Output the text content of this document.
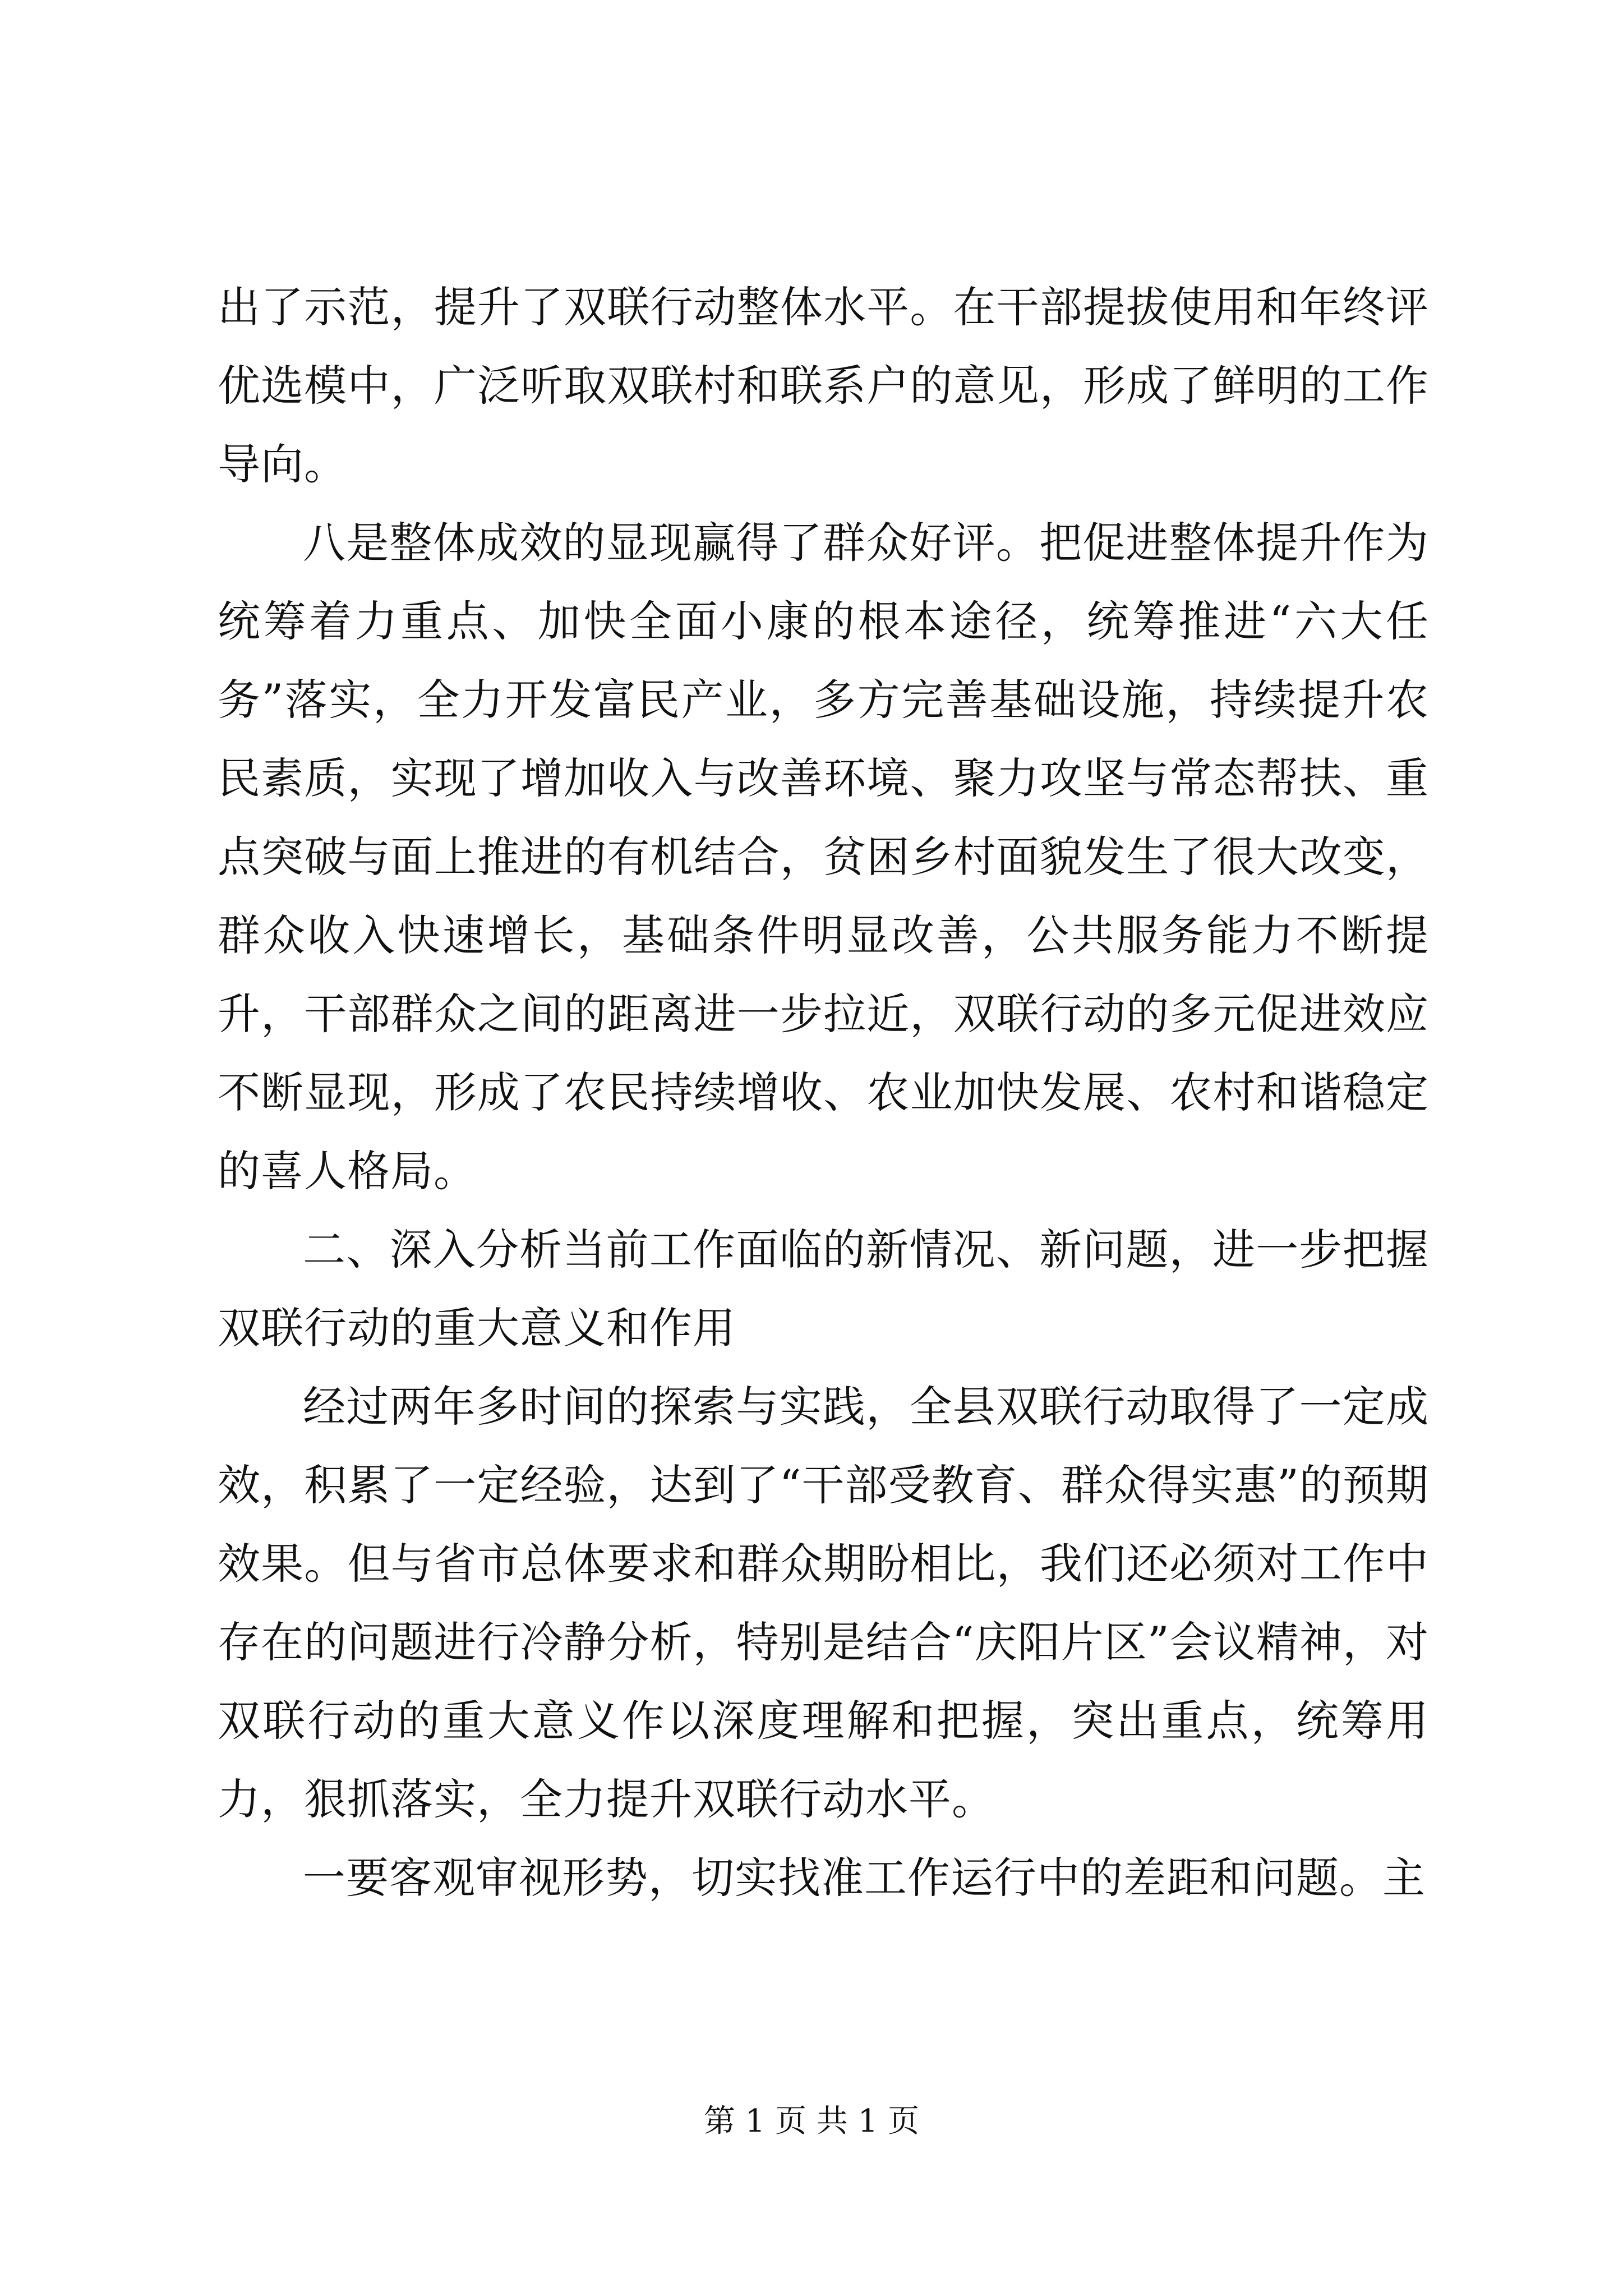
出了示范，提升了双联行动整体水平。在干部提拔使用和年终评优选模中，广泛听取双联村和联系户的意见，形成了鲜明的工作导向。

八是整体成效的显现赢得了群众好评。把促进整体提升作为统筹着力重点、加快全面小康的根本途径，统筹推进“六大任务”落实，全力开发富民产业，多方完善基础设施，持续提升农民素质，实现了增加收入与改善环境、聚力攻坚与常态帮扶、重点突破与面上推进的有机结合，贫困乡村面貌发生了很大改变，群众收入快速增长，基础条件明显改善，公共服务能力不断提升，干部群众之间的距离进一步拉近，双联行动的多元促进效应不断显现，形成了农民持续增收、农业加快发展、农村和谐稳定的喜人格局。

二、深入分析当前工作面临的新情况、新问题，进一步把握双联行动的重大意义和作用

经过两年多时间的探索与实践，全县双联行动取得了一定成效，积累了一定经验，达到了“干部受教育、群众得实惠”的预期效果。但与省市总体要求和群众期盼相比，我们还必须对工作中存在的问题进行冷静分析，特别是结合“庆阳片区”会议精神，对双联行动的重大意义作以深度理解和把握，突出重点，统筹用力，狠抓落实，全力提升双联行动水平。

一要客观审视形势，切实找准工作运行中的差距和问题。主

第 1 页 共 1 页
